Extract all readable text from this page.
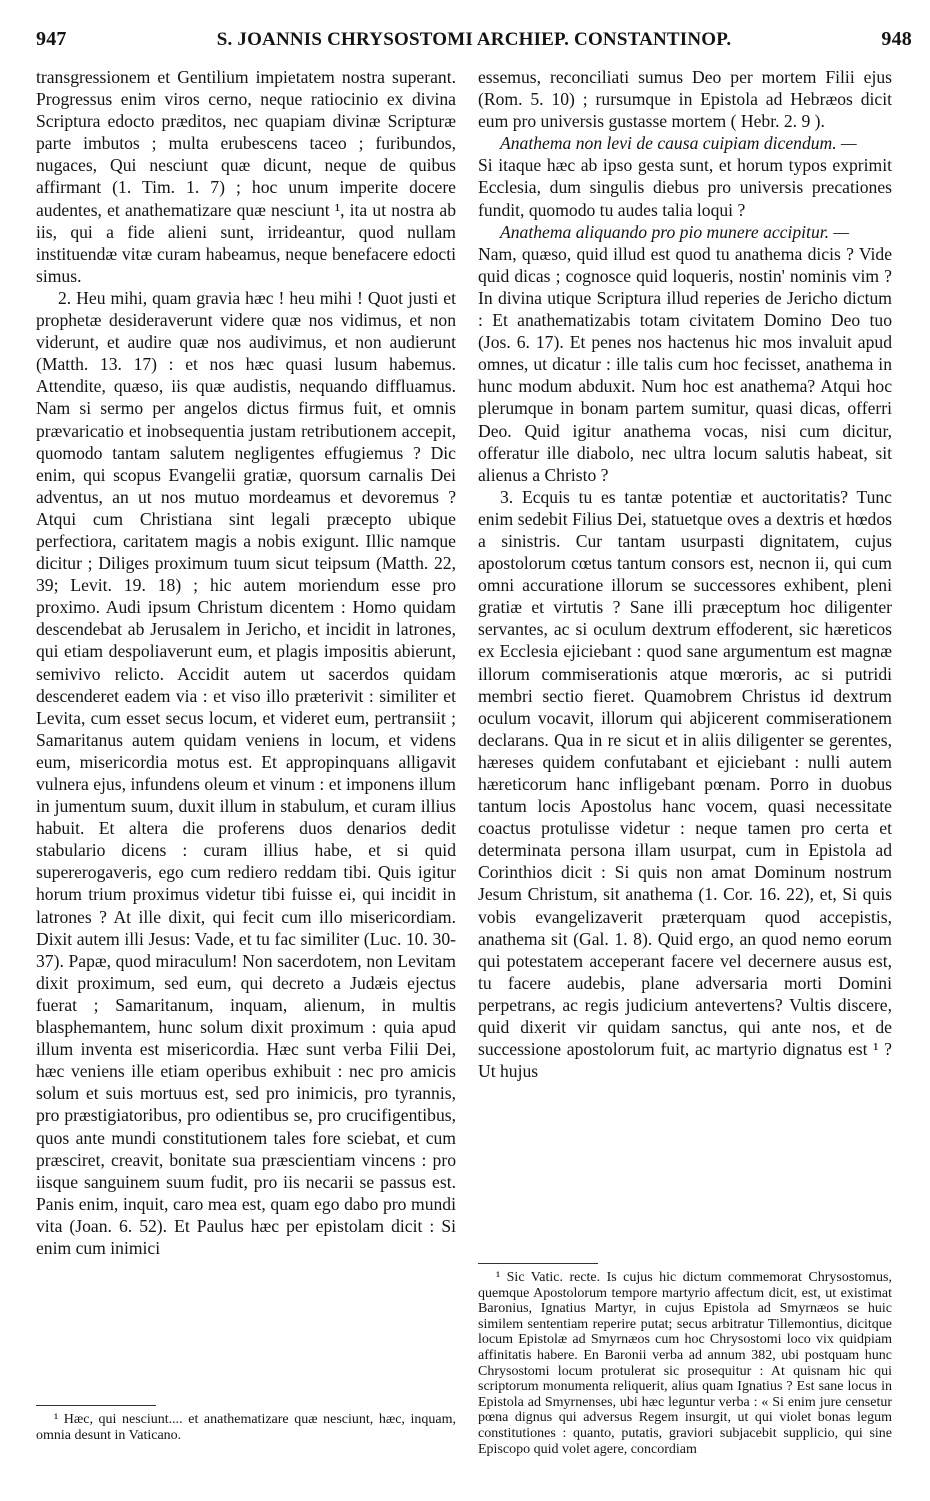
947	S. JOANNIS CHRYSOSTOMI ARCHIEP. CONSTANTINOP.	948

transgressionem et Gentilium impietatem nostra superant. Progressus enim viros cerno, neque ratiocinio ex divina Scriptura edocto præditos, nec quapiam divinæ Scripturæ parte imbutos ; multa erubescens taceo ; furibundos, nugaces, Qui nesciunt quæ dicunt, neque de quibus affirmant (1. Tim. 1. 7) ; hoc unum imperite docere audentes, et anathematizare quæ nesciunt ¹, ita ut nostra ab iis, qui a fide alieni sunt, irrideantur, quod nullam instituendæ vitæ curam habeamus, neque benefacere edocti simus.

2. Heu mihi, quam gravia hæc ! heu mihi ! Quot justi et prophetæ desideraverunt videre quæ nos vidimus, et non viderunt, et audire quæ nos audivimus, et non audierunt (Matth. 13. 17) : et nos hæc quasi lusum habemus. Attendite, quæso, iis quæ audistis, nequando diffluamus. Nam si sermo per angelos dictus firmus fuit, et omnis prævaricatio et inobsequentia justam retributionem accepit, quomodo tantam salutem negligentes effugiemus ? Dic enim, qui scopus Evangelii gratiæ, quorsum carnalis Dei adventus, an ut nos mutuo mordeamus et devoremus ? Atqui cum Christiana sint legali præcepto ubique perfectiora, caritatem magis a nobis exigunt. Illic namque dicitur ; Diliges proximum tuum sicut teipsum (Matth. 22, 39; Levit. 19. 18) ; hic autem moriendum esse pro proximo. Audi ipsum Christum dicentem : Homo quidam descendebat ab Jerusalem in Jericho, et incidit in latrones, qui etiam despoliaverunt eum, et plagis impositis abierunt, semivivo relicto. Accidit autem ut sacerdos quidam descenderet eadem via : et viso illo præterivit : similiter et Levita, cum esset secus locum, et videret eum, pertransiit ; Samaritanus autem quidam veniens in locum, et videns eum, misericordia motus est. Et appropinquans alligavit vulnera ejus, infundens oleum et vinum : et imponens illum in jumentum suum, duxit illum in stabulum, et curam illius habuit. Et altera die proferens duos denarios dedit stabulario dicens : curam illius habe, et si quid supererogaveris, ego cum rediero reddam tibi. Quis igitur horum trium proximus videtur tibi fuisse ei, qui incidit in latrones ? At ille dixit, qui fecit cum illo misericordiam. Dixit autem illi Jesus: Vade, et tu fac similiter (Luc. 10. 30-37). Papæ, quod miraculum! Non sacerdotem, non Levitam dixit proximum, sed eum, qui decreto a Judæis ejectus fuerat ; Samaritanum, inquam, alienum, in multis blasphemantem, hunc solum dixit proximum : quia apud illum inventa est misericordia. Hæc sunt verba Filii Dei, hæc veniens ille etiam operibus exhibuit : nec pro amicis solum et suis mortuus est, sed pro inimicis, pro tyrannis, pro præstigiatoribus, pro odientibus se, pro crucifigentibus, quos ante mundi constitutionem tales fore sciebat, et cum præsciret, creavit, bonitate sua præscientiam vincens : pro iisque sanguinem suum fudit, pro iis necarii se passus est. Panis enim, inquit, caro mea est, quam ego dabo pro mundi vita (Joan. 6. 52). Et Paulus hæc per epistolam dicit : Si enim cum inimici

essemus, reconciliati sumus Deo per mortem Filii ejus (Rom. 5. 10) ; rursumque in Epistola ad Hebræos dicit eum pro universis gustasse mortem ( Hebr. 2. 9 ).

Anathema non levi de causa cuipiam dicendum. —

Si itaque hæc ab ipso gesta sunt, et horum typos exprimit Ecclesia, dum singulis diebus pro universis precationes fundit, quomodo tu audes talia loqui ?

Anathema aliquando pro pio munere accipitur. —

Nam, quæso, quid illud est quod tu anathema dicis ? Vide quid dicas ; cognosce quid loqueris, nostin' nominis vim ? In divina utique Scriptura illud reperies de Jericho dictum : Et anathematizabis totam civitatem Domino Deo tuo (Jos. 6. 17). Et penes nos hactenus hic mos invaluit apud omnes, ut dicatur : ille talis cum hoc fecisset, anathema in hunc modum abduxit. Num hoc est anathema? Atqui hoc plerumque in bonam partem sumitur, quasi dicas, offerri Deo. Quid igitur anathema vocas, nisi cum dicitur, offeratur ille diabolo, nec ultra locum salutis habeat, sit alienus a Christo ?

3. Ecquis tu es tantæ potentiæ et auctoritatis? Tunc enim sedebit Filius Dei, statuetque oves a dextris et hœdos a sinistris. Cur tantam usurpasti dignitatem, cujus apostolorum cœtus tantum consors est, necnon ii, qui cum omni accuratione illorum se successores exhibent, pleni gratiæ et virtutis ? Sane illi præceptum hoc diligenter servantes, ac si oculum dextrum effoderent, sic hæreticos ex Ecclesia ejiciebant : quod sane argumentum est magnæ illorum commiserationis atque mœroris, ac si putridi membri sectio fieret. Quamobrem Christus id dextrum oculum vocavit, illorum qui abjicerent commiserationem declarans. Qua in re sicut et in aliis diligenter se gerentes, hæreses quidem confutabant et ejiciebant : nulli autem hæreticorum hanc infligebant pœnam. Porro in duobus tantum locis Apostolus hanc vocem, quasi necessitate coactus protulisse videtur : neque tamen pro certa et determinata persona illam usurpat, cum in Epistola ad Corinthios dicit : Si quis non amat Dominum nostrum Jesum Christum, sit anathema (1. Cor. 16. 22), et, Si quis vobis evangelizaverit præterquam quod accepistis, anathema sit (Gal. 1. 8). Quid ergo, an quod nemo eorum qui potestatem acceperant facere vel decernere ausus est, tu facere audebis, plane adversaria morti Domini perpetrans, ac regis judicium antevertens? Vultis discere, quid dixerit vir quidam sanctus, qui ante nos, et de successione apostolorum fuit, ac martyrio dignatus est ¹ ? Ut hujus

¹ Hæc, qui nesciunt.... et anathematizare quæ nesciunt, hæc, inquam, omnia desunt in Vaticano.
¹ Sic Vatic. recte. Is cujus hic dictum commemorat Chrysostomus, quemque Apostolorum tempore martyrio affectum dicit, est, ut existimat Baronius, Ignatius Martyr, in cujus Epistola ad Smyrnæos se huic similem sententiam reperire putat; secus arbitratur Tillemontius, dicitque locum Epistolæ ad Smyrnæos cum hoc Chrysostomi loco vix quidpiam affinitatis habere. En Baronii verba ad annum 382, ubi postquam hunc Chrysostomi locum protulerat sic prosequitur : At quisnam hic qui scriptorum monumenta reliquerit, alius quam Ignatius ? Est sane locus in Epistola ad Smyrnenses, ubi hæc leguntur verba : « Si enim jure censetur pœna dignus qui adversus Regem insurgit, ut qui violet bonas legum constitutiones : quanto, putatis, graviori subjacebit supplicio, qui sine Episcopo quid volet agere, concordiam
